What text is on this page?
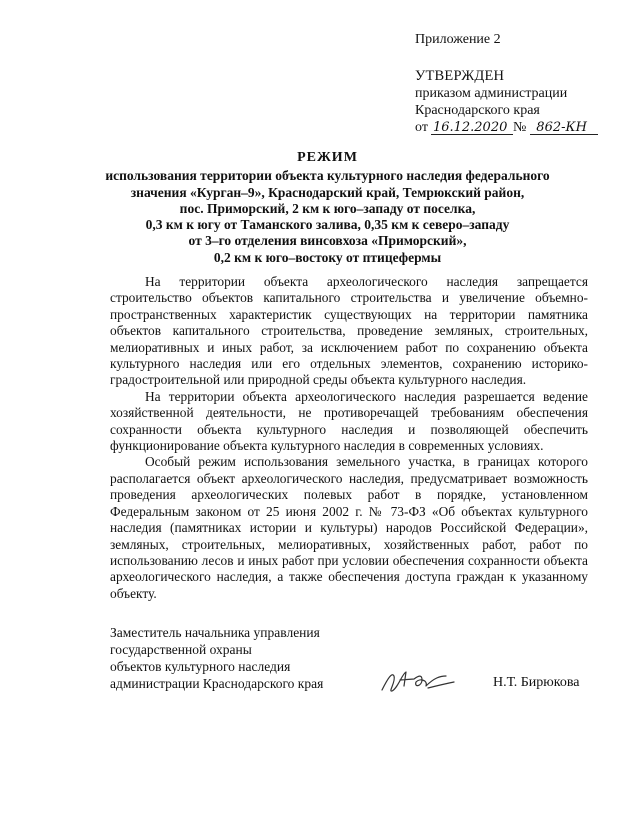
Приложение 2
УТВЕРЖДЕН
приказом администрации
Краснодарского края
от 16.12.2020 № 862-КН
РЕЖИМ
использования территории объекта культурного наследия федерального
значения «Курган–9», Краснодарский край, Темрюкский район,
пос. Приморский, 2 км к юго–западу от поселка,
0,3 км к югу от Таманского залива, 0,35 км к северо–западу
от 3–го отделения винсовхоза «Приморский»,
0,2 км к юго–востоку от птицефермы

На территории объекта археологического наследия запрещается строительство объектов капитального строительства и увеличение объемно-пространственных характеристик существующих на территории памятника объектов капитального строительства, проведение земляных, строительных, мелиоративных и иных работ, за исключением работ по сохранению объекта культурного наследия или его отдельных элементов, сохранению историко-градостроительной или природной среды объекта культурного наследия.

На территории объекта археологического наследия разрешается ведение хозяйственной деятельности, не противоречащей требованиям обеспечения сохранности объекта культурного наследия и позволяющей обеспечить функционирование объекта культурного наследия в современных условиях.

Особый режим использования земельного участка, в границах которого располагается объект археологического наследия, предусматривает возможность проведения археологических полевых работ в порядке, установленном Федеральным законом от 25 июня 2002 г. № 73-ФЗ «Об объектах культурного наследия (памятниках истории и культуры) народов Российской Федерации», земляных, строительных, мелиоративных, хозяйственных работ, работ по использованию лесов и иных работ при условии обеспечения сохранности объекта археологического наследия, а также обеспечения доступа граждан к указанному объекту.

Заместитель начальника управления
государственной охраны
объектов культурного наследия
администрации Краснодарского края	Н.Т. Бирюкова
